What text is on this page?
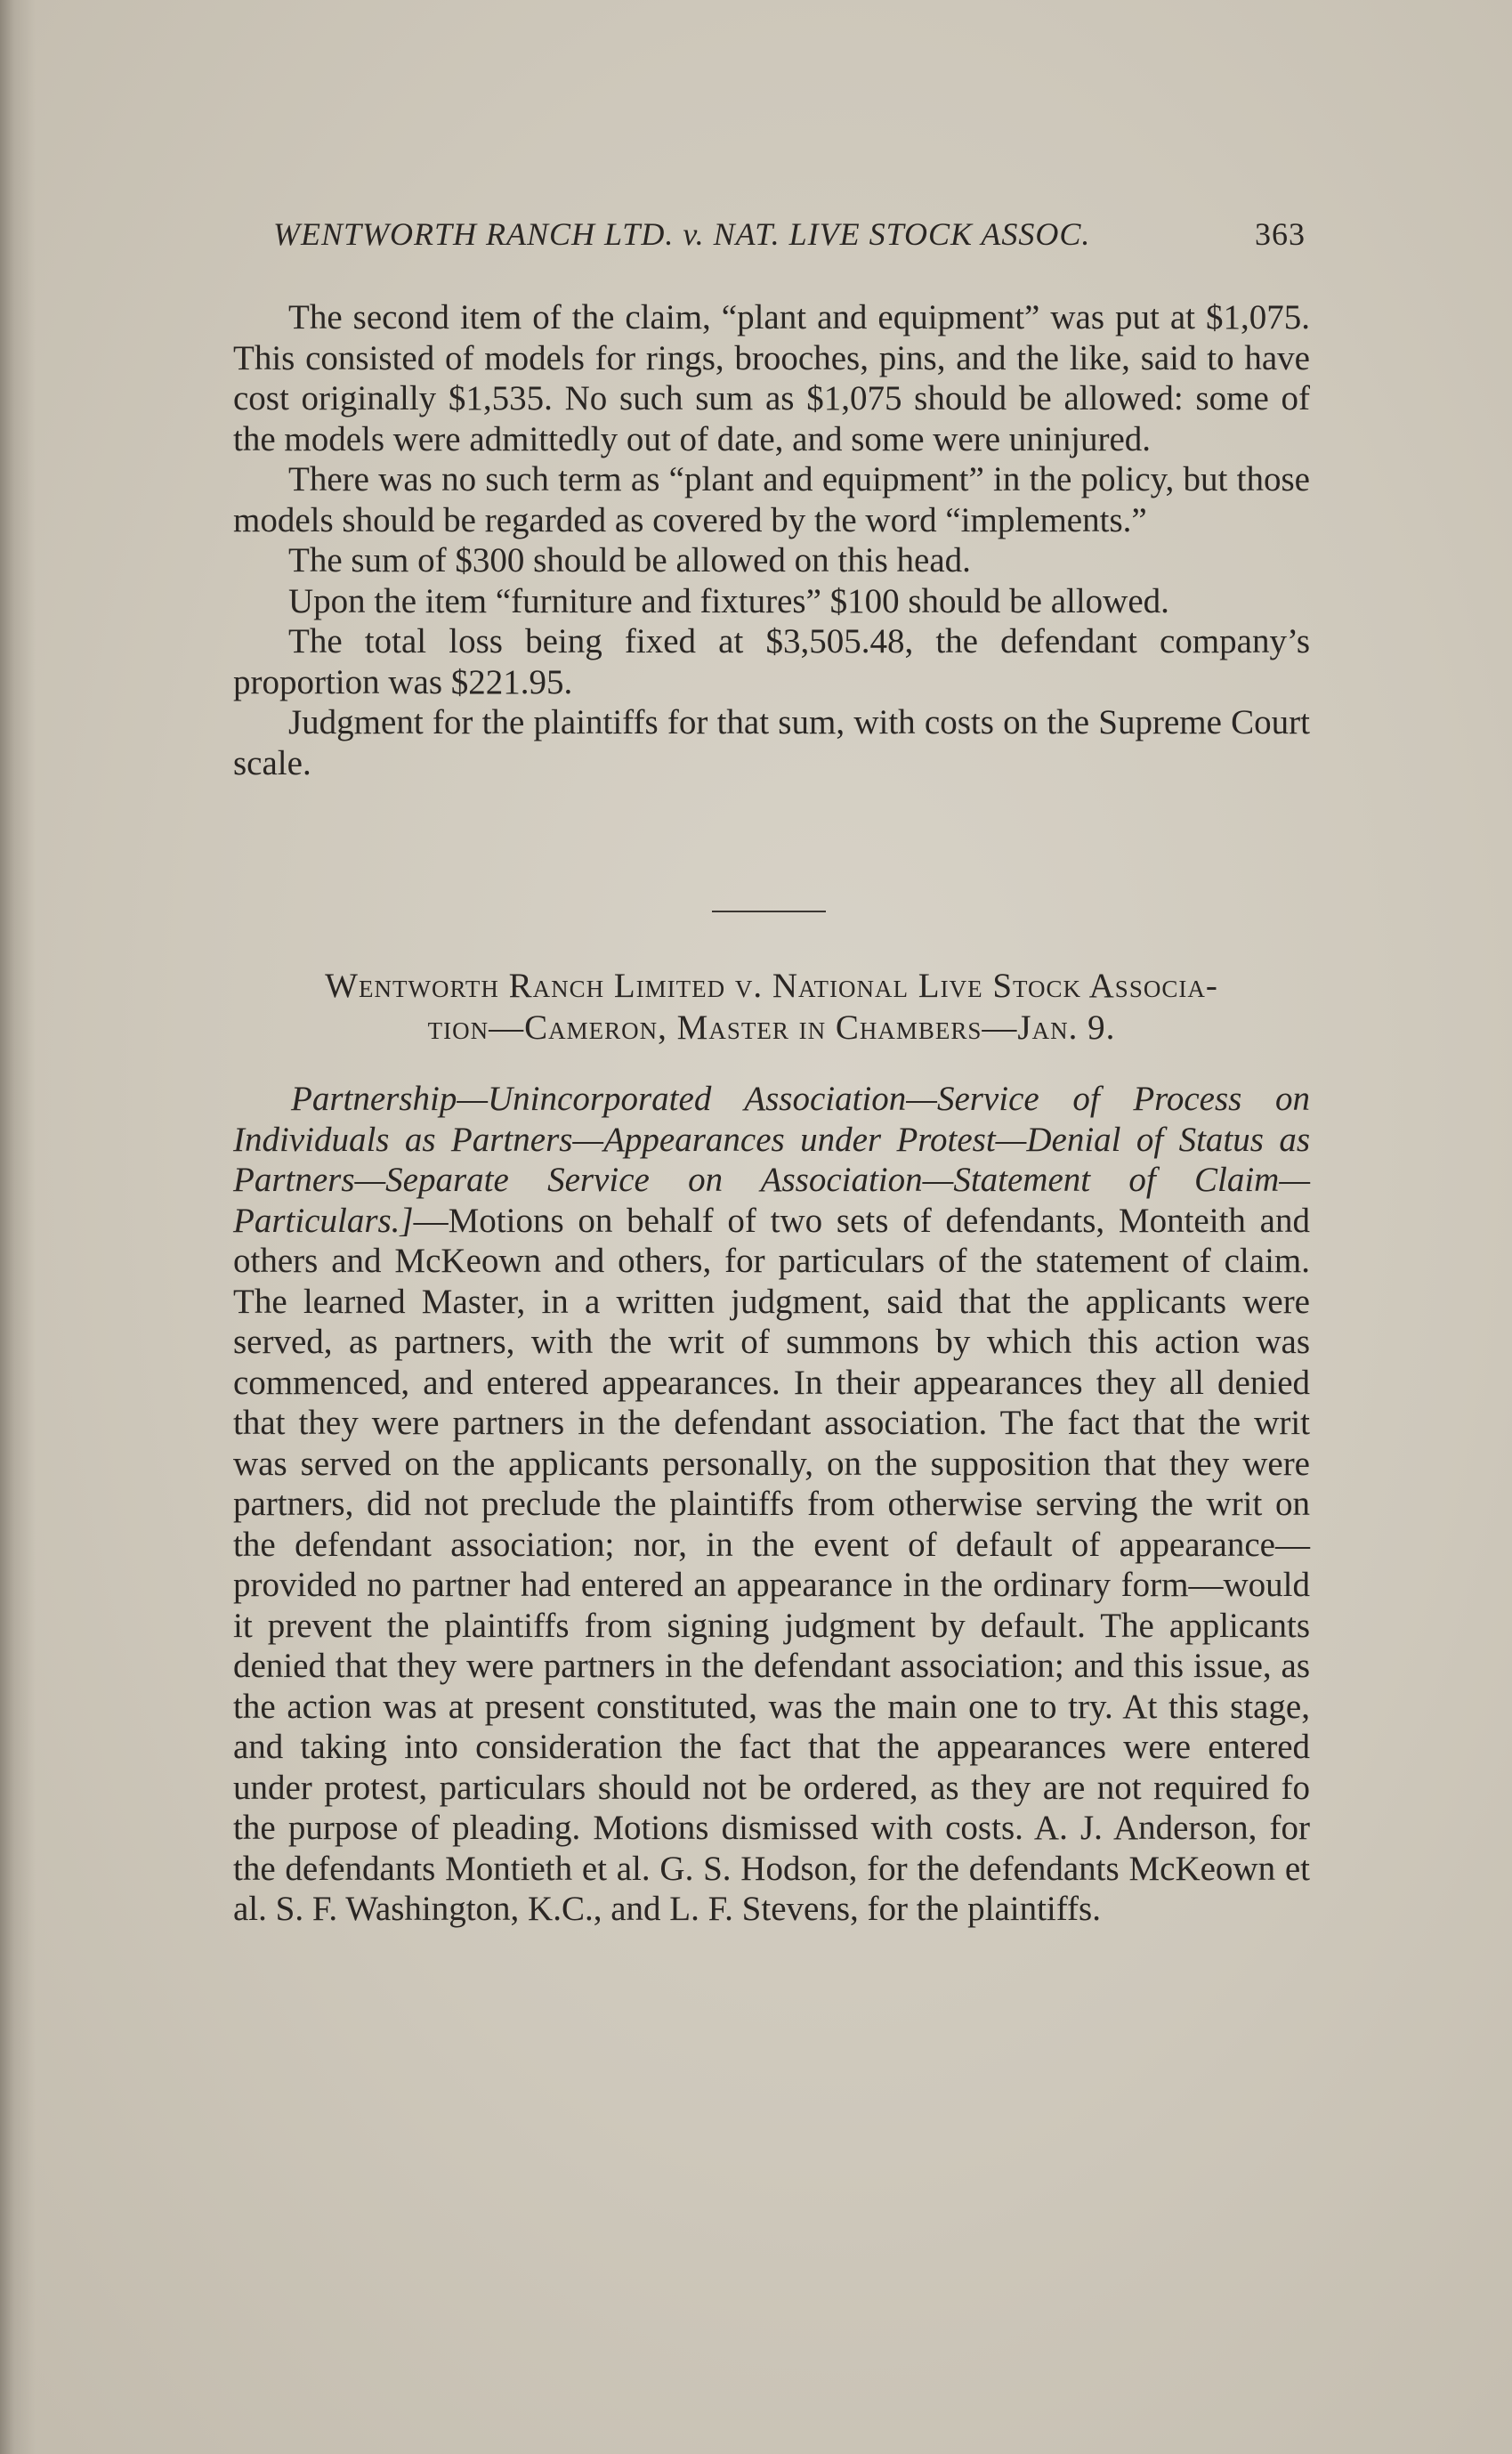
WENTWORTH RANCH LTD. v. NAT. LIVE STOCK ASSOC.	363

The second item of the claim, “plant and equipment” was put at $1,075. This consisted of models for rings, brooches, pins, and the like, said to have cost originally $1,535. No such sum as $1,075 should be allowed: some of the models were admittedly out of date, and some were uninjured.

There was no such term as “plant and equipment” in the policy, but those models should be regarded as covered by the word “implements.”

The sum of $300 should be allowed on this head.

Upon the item “furniture and fixtures” $100 should be allowed.

The total loss being fixed at $3,505.48, the defendant company’s proportion was $221.95.

Judgment for the plaintiffs for that sum, with costs on the Supreme Court scale.

Wentworth Ranch Limited v. National Live Stock Associa-
tion—Cameron, Master in Chambers—Jan. 9.

Partnership—Unincorporated Association—Service of Process on Individuals as Partners—Appearances under Protest—Denial of Status as Partners—Separate Service on Association—Statement of Claim—Particulars.]—Motions on behalf of two sets of defendants, Monteith and others and McKeown and others, for particulars of the statement of claim. The learned Master, in a written judgment, said that the applicants were served, as partners, with the writ of summons by which this action was commenced, and entered appearances. In their appearances they all denied that they were partners in the defendant association. The fact that the writ was served on the applicants personally, on the supposition that they were partners, did not preclude the plaintiffs from otherwise serving the writ on the defendant association; nor, in the event of default of appearance—provided no partner had entered an appearance in the ordinary form—would it prevent the plaintiffs from signing judgment by default. The applicants denied that they were partners in the defendant association; and this issue, as the action was at present constituted, was the main one to try. At this stage, and taking into consideration the fact that the appearances were entered under protest, particulars should not be ordered, as they are not required fo the purpose of pleading. Motions dismissed with costs. A. J. Anderson, for the defendants Montieth et al. G. S. Hodson, for the defendants McKeown et al. S. F. Washington, K.C., and L. F. Stevens, for the plaintiffs.
